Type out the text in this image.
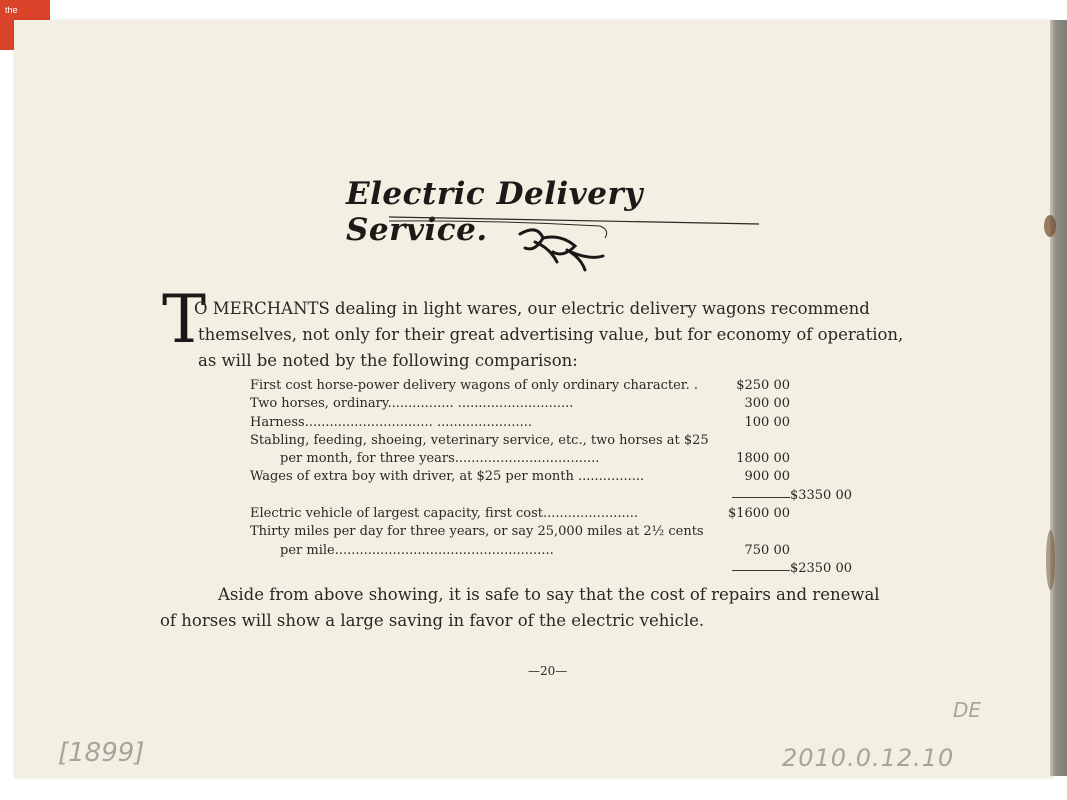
the
Electric Delivery Service.
T
O MERCHANTS dealing in light wares, our electric delivery wagons recommend
themselves, not only for their great advertising value, but for economy of operation,
as will be noted by the following comparison:
First cost horse-power delivery wagons of only ordinary character. .	$250 00
Two horses, ordinary................ ............................	300 00
Harness............................... .......................	100 00
Stabling, feeding, shoeing, veterinary service, etc., two horses at $25
per month, for three years...................................	1800 00
Wages of extra boy with driver, at $25 per month ................	900 00
$3350 00
Electric vehicle of largest capacity, first cost.......................	$1600 00
Thirty miles per day for three years, or say 25,000 miles at 2½ cents
per mile.....................................................	750 00
$2350 00
Aside from above showing, it is safe to say that the cost of repairs and renewal
of horses will show a large saving in favor of the electric vehicle.
—20—
[1899]
DE
2010.0.12.10
